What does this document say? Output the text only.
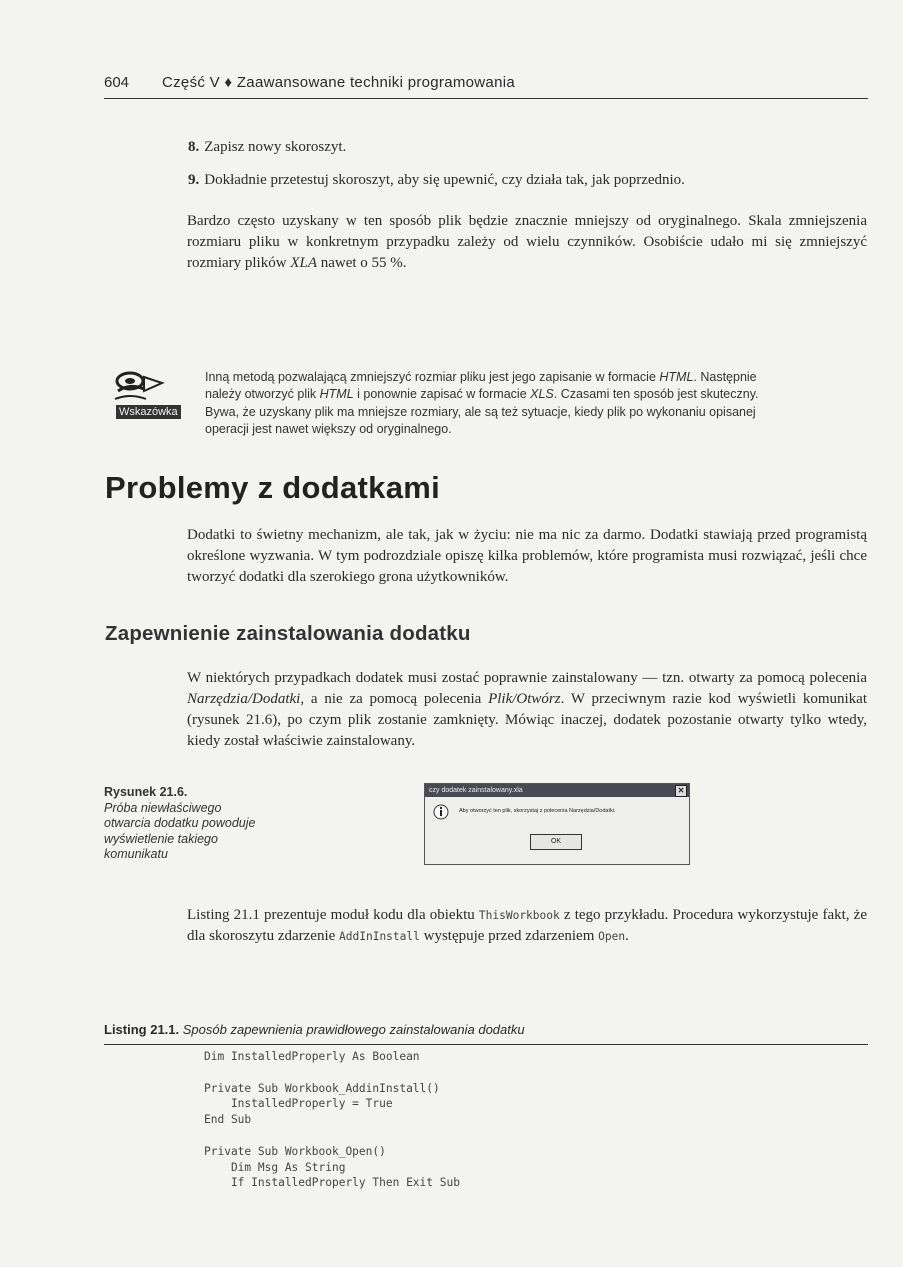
604 Część V ♦ Zaawansowane techniki programowania
8. Zapisz nowy skoroszyt.
9. Dokładnie przetestuj skoroszyt, aby się upewnić, czy działa tak, jak poprzednio.
Bardzo często uzyskany w ten sposób plik będzie znacznie mniejszy od oryginalnego. Skala zmniejszenia rozmiaru pliku w konkretnym przypadku zależy od wielu czynników. Osobiście udało mi się zmniejszyć rozmiary plików XLA nawet o 55 %.
Wskazówka
Inną metodą pozwalającą zmniejszyć rozmiar pliku jest jego zapisanie w formacie HTML. Następnie należy otworzyć plik HTML i ponownie zapisać w formacie XLS. Czasami ten sposób jest skuteczny. Bywa, że uzyskany plik ma mniejsze rozmiary, ale są też sytuacje, kiedy plik po wykonaniu opisanej operacji jest nawet większy od oryginalnego.
Problemy z dodatkami
Dodatki to świetny mechanizm, ale tak, jak w życiu: nie ma nic za darmo. Dodatki stawiają przed programistą określone wyzwania. W tym podrozdziale opiszę kilka problemów, które programista musi rozwiązać, jeśli chce tworzyć dodatki dla szerokiego grona użytkowników.
Zapewnienie zainstalowania dodatku
W niektórych przypadkach dodatek musi zostać poprawnie zainstalowany — tzn. otwarty za pomocą polecenia Narzędzia/Dodatki, a nie za pomocą polecenia Plik/Otwórz. W przeciwnym razie kod wyświetli komunikat (rysunek 21.6), po czym plik zostanie zamknięty. Mówiąc inaczej, dodatek pozostanie otwarty tylko wtedy, kiedy został właściwie zainstalowany.
Rysunek 21.6.
Próba niewłaściwego otwarcia dodatku powoduje wyświetlenie takiego komunikatu
czy dodatek zainstalowany.xla	✕
Aby otworzyć ten plik, skorzystaj z polecenia Narzędzia/Dodatki.
OK
Listing 21.1 prezentuje moduł kodu dla obiektu ThisWorkbook z tego przykładu. Procedura wykorzystuje fakt, że dla skoroszytu zdarzenie AddInInstall występuje przed zdarzeniem Open.
Listing 21.1. Sposób zapewnienia prawidłowego zainstalowania dodatku
Dim InstalledProperly As Boolean

Private Sub Workbook_AddinInstall()
InstalledProperly = True
End Sub

Private Sub Workbook_Open()
Dim Msg As String
If InstalledProperly Then Exit Sub
